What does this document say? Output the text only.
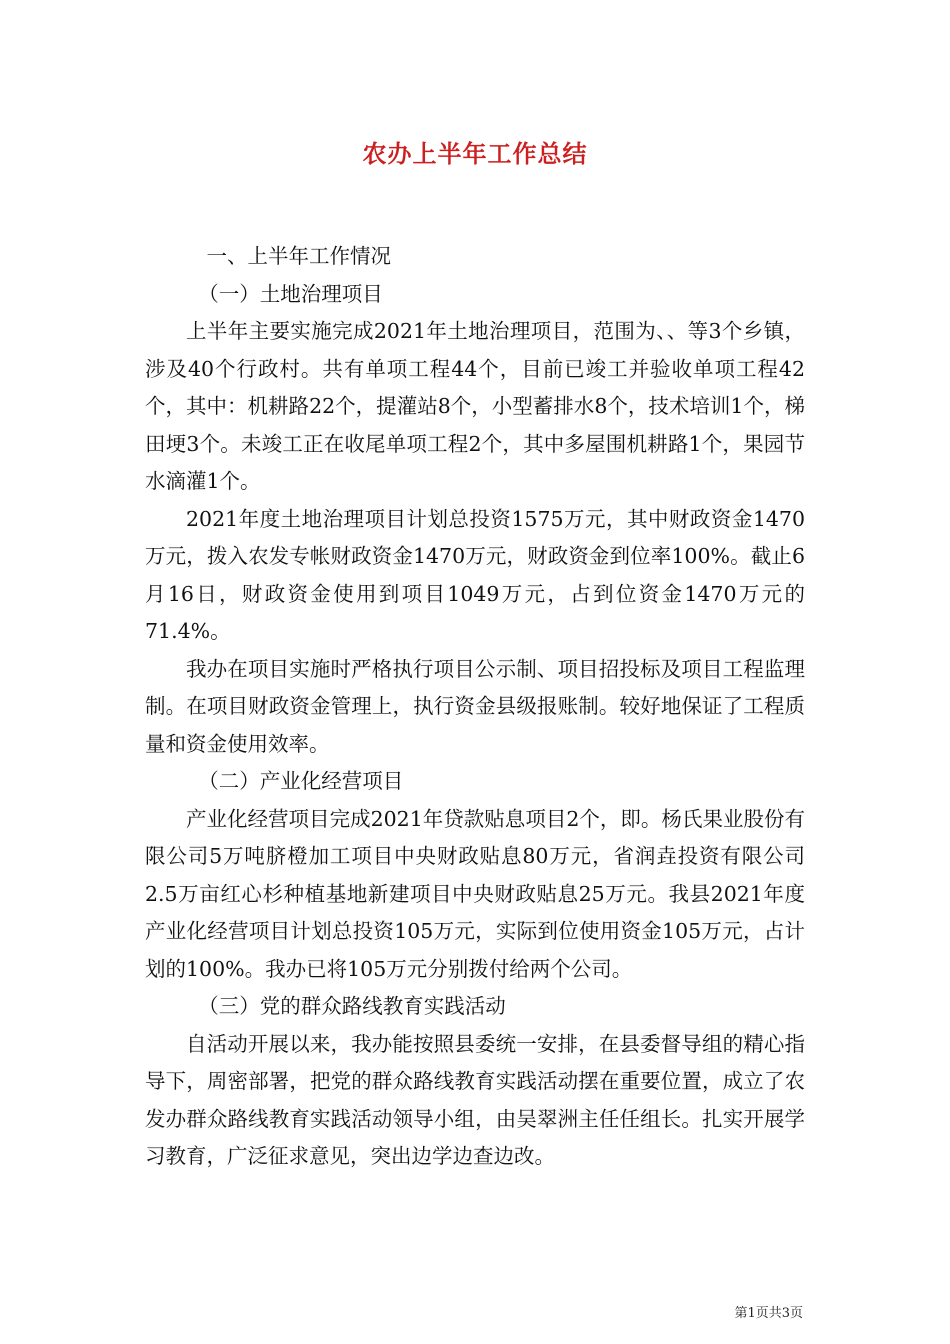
农办上半年工作总结

一、上半年工作情况

（一）土地治理项目

上半年主要实施完成2021年土地治理项目，范围为、、等3个乡镇，涉及40个行政村。共有单项工程44个，目前已竣工并验收单项工程42个，其中：机耕路22个，提灌站8个，小型蓄排水8个，技术培训1个，梯田埂3个。未竣工正在收尾单项工程2个，其中多屋围机耕路1个，果园节水滴灌1个。

2021年度土地治理项目计划总投资1575万元，其中财政资金1470万元，拨入农发专帐财政资金1470万元，财政资金到位率100%。截止6月16日，财政资金使用到项目1049万元，占到位资金1470万元的71.4%。

我办在项目实施时严格执行项目公示制、项目招投标及项目工程监理制。在项目财政资金管理上，执行资金县级报账制。较好地保证了工程质量和资金使用效率。

（二）产业化经营项目

产业化经营项目完成2021年贷款贴息项目2个，即。杨氏果业股份有限公司5万吨脐橙加工项目中央财政贴息80万元，省润垚投资有限公司2.5万亩红心杉种植基地新建项目中央财政贴息25万元。我县2021年度产业化经营项目计划总投资105万元，实际到位使用资金105万元，占计划的100%。我办已将105万元分别拨付给两个公司。

（三）党的群众路线教育实践活动

自活动开展以来，我办能按照县委统一安排，在县委督导组的精心指导下，周密部署，把党的群众路线教育实践活动摆在重要位置，成立了农发办群众路线教育实践活动领导小组，由吴翠洲主任任组长。扎实开展学习教育，广泛征求意见，突出边学边查边改。

第1页共3页
